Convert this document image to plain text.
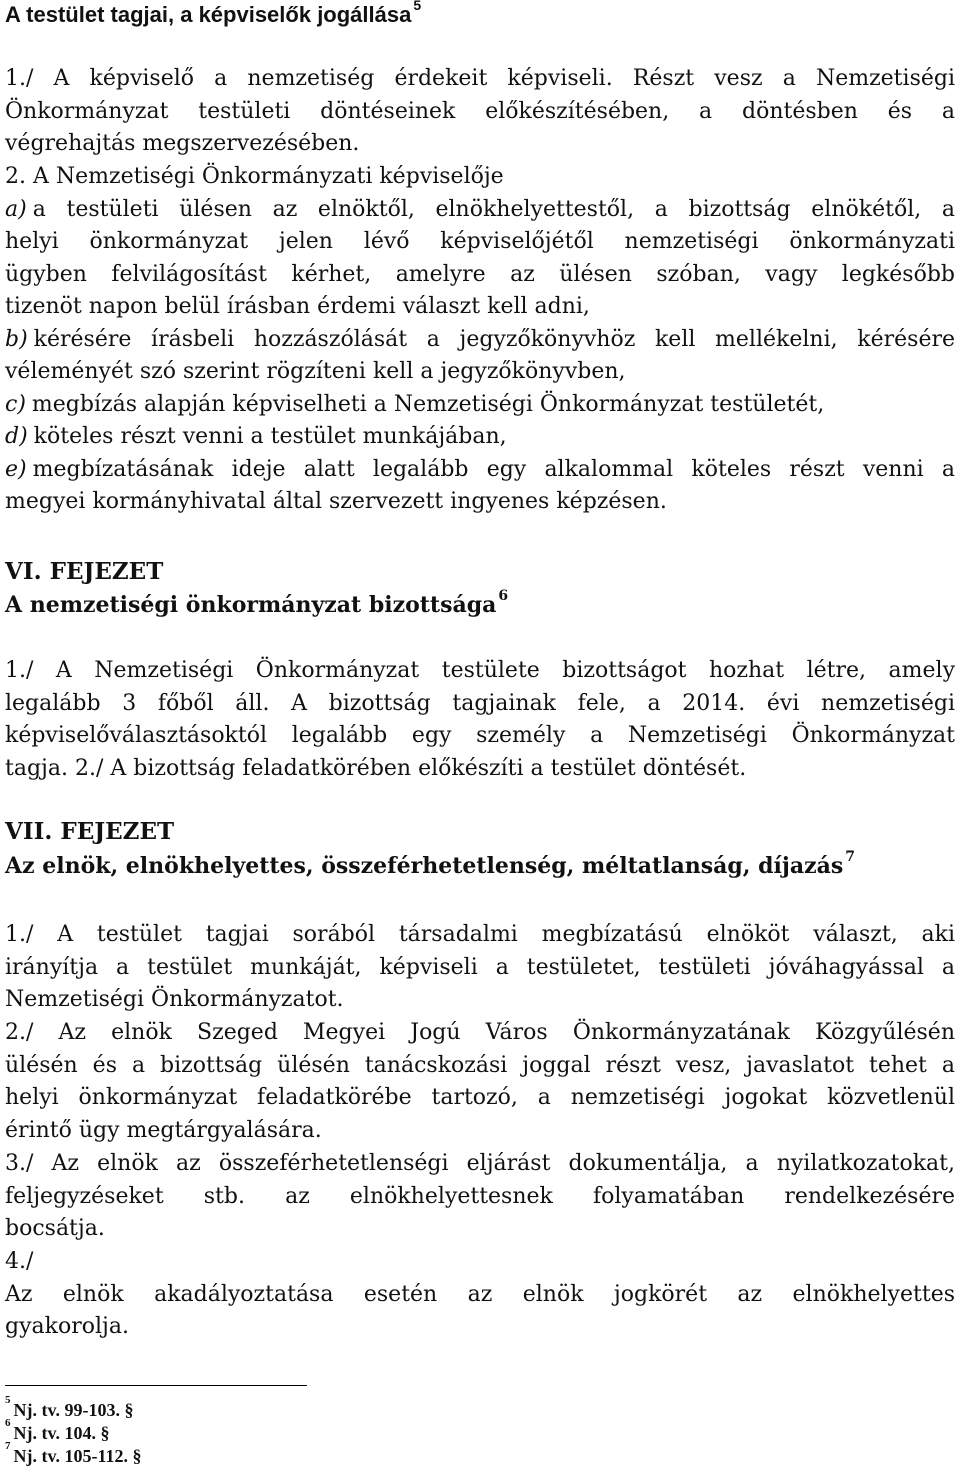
A testület tagjai, a képviselők jogállása $^5$
1./ A képviselő a nemzetiség érdekeit képviseli. Részt vesz a Nemzetiségi
Önkormányzat testületi döntéseinek előkészítésében, a döntésben és a
végrehajtás megszervezésében.
2. A Nemzetiségi Önkormányzati képviselője
a) a testületi ülésen az elnöktől, elnökhelyettestől, a bizottság elnökétől, a
helyi önkormányzat jelen lévő képviselőjétől nemzetiségi önkormányzati
ügyben felvilágosítást kérhet, amelyre az ülésen szóban, vagy legkésőbb
tizenöt napon belül írásban érdemi választ kell adni,
b) kérésére írásbeli hozzászólását a jegyzőkönyvhöz kell mellékelni, kérésére
véleményét szó szerint rögzíteni kell a jegyzőkönyvben,
c) megbízás alapján képviselheti a Nemzetiségi Önkormányzat testületét,
d) köteles részt venni a testület munkájában,
e) megbízatásának ideje alatt legalább egy alkalommal köteles részt venni a
megyei kormányhivatal által szervezett ingyenes képzésen.
VI. FEJEZET
A nemzetiségi önkormányzat bizottsága $^6$
1./ A Nemzetiségi Önkormányzat testülete bizottságot hozhat létre, amely
legalább 3 főből áll. A bizottság tagjainak fele, a 2014. évi nemzetiségi
képviselőválasztásoktól legalább egy személy a Nemzetiségi Önkormányzat
tagja. 2./ A bizottság feladatkörében előkészíti a testület döntését.
VII. FEJEZET
Az elnök, elnökhelyettes, összeférhetetlenség, méltatlanság, díjazás $^7$
1./ A testület tagjai sorából társadalmi megbízatású elnököt választ, aki
irányítja a testület munkáját, képviseli a testületet, testületi jóváhagyással a
Nemzetiségi Önkormányzatot.
2./ Az elnök Szeged Megyei Jogú Város Önkormányzatának Közgyűlésén
ülésén és a bizottság ülésén tanácskozási joggal részt vesz, javaslatot tehet a
helyi önkormányzat feladatkörébe tartozó, a nemzetiségi jogokat közvetlenül
érintő ügy megtárgyalására.
3./ Az elnök az összeférhetetlenségi eljárást dokumentálja, a nyilatkozatokat,
feljegyzéseket stb. az elnökhelyettesnek folyamatában rendelkezésére
bocsátja.
4./
Az elnök akadályoztatása esetén az elnök jogkörét az elnökhelyettes
gyakorolja.
$^5$ Nj. tv. 99-103. §
$^6$ Nj. tv. 104. §
$^7$ Nj. tv. 105-112. §
